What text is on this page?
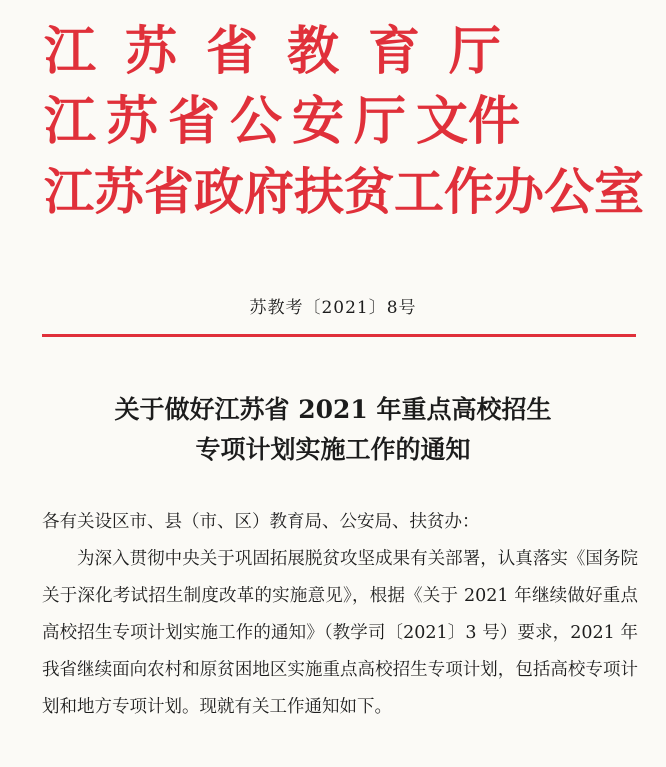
江苏省教育厅
江苏省公安厅文件
江苏省政府扶贫工作办公室
苏教考〔2021〕8号
关于做好江苏省 2021 年重点高校招生
专项计划实施工作的通知

各有关设区市、县（市、区）教育局、公安局、扶贫办：

为深入贯彻中央关于巩固拓展脱贫攻坚成果有关部署，认真落实《国务院关于深化考试招生制度改革的实施意见》，根据《关于 2021 年继续做好重点高校招生专项计划实施工作的通知》（教学司〔2021〕3 号）要求，2021 年我省继续面向农村和原贫困地区实施重点高校招生专项计划，包括高校专项计划和地方专项计划。现就有关工作通知如下。
